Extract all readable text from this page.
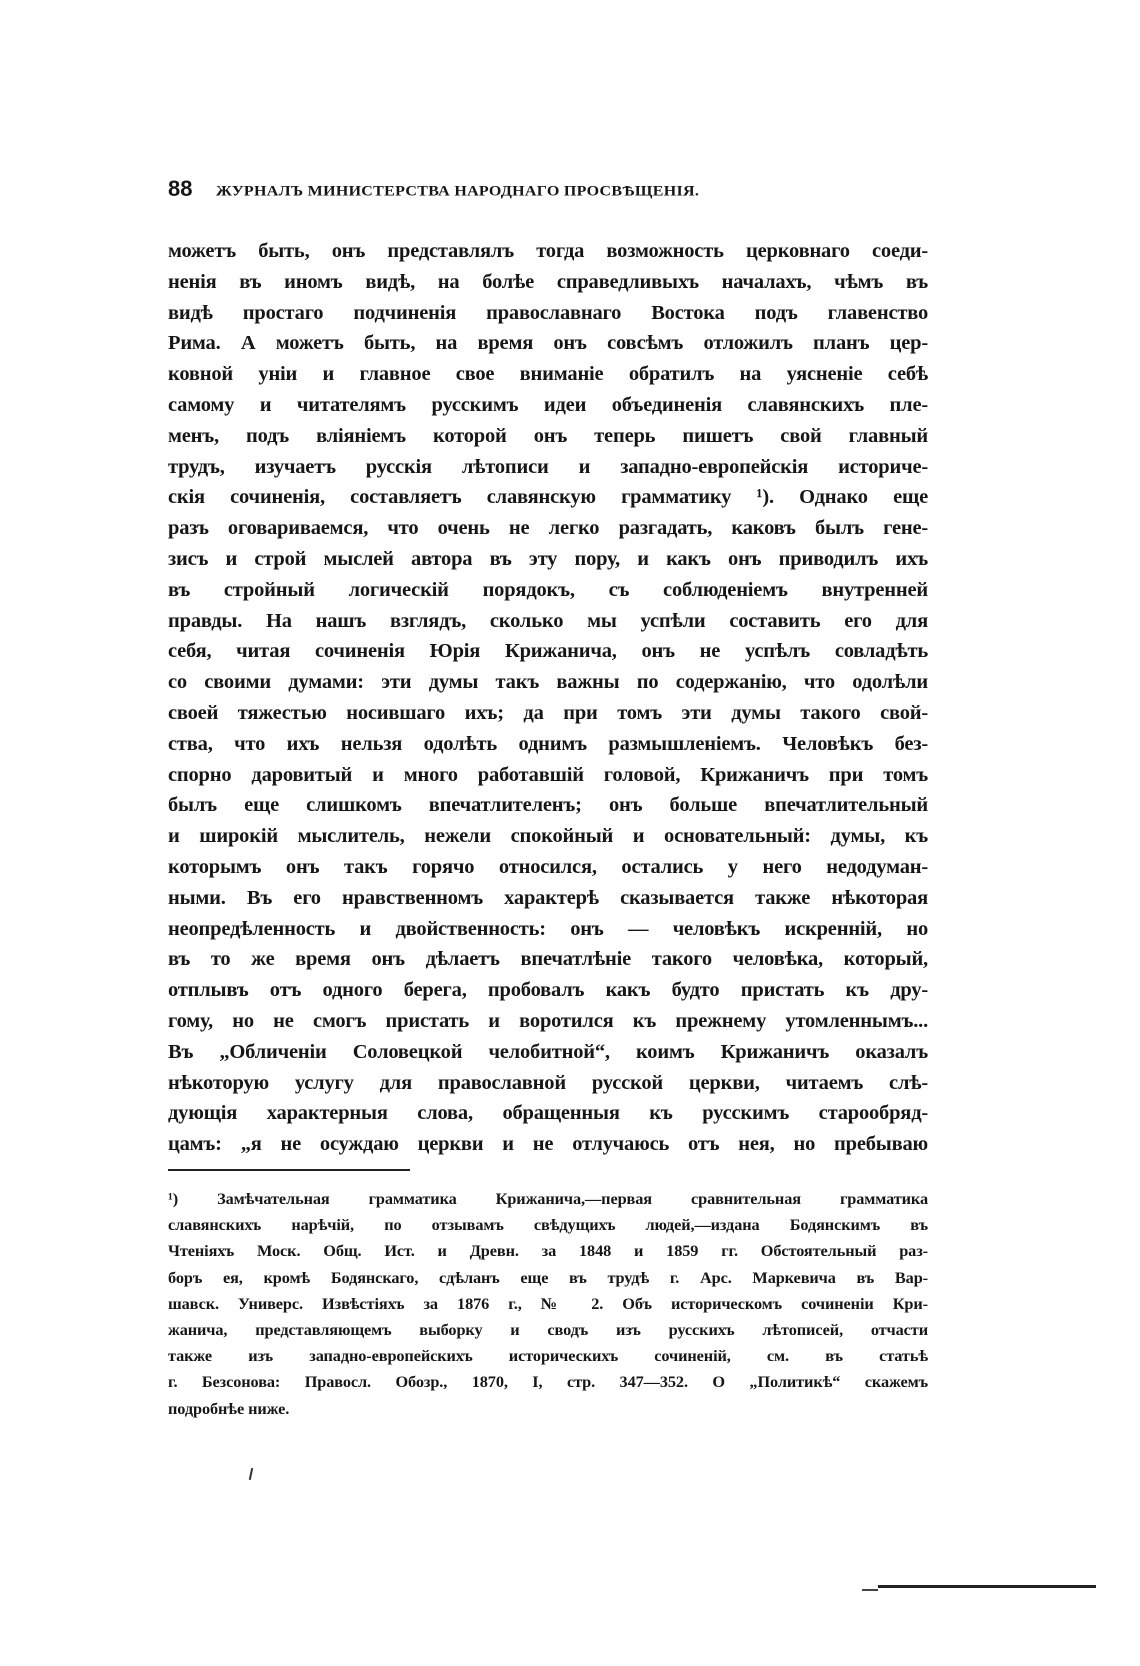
88	ЖУРНАЛЪ МИНИСТЕРСТВА НАРОДНАГО ПРОСВѢЩЕНІЯ.
можетъ быть, онъ представлялъ тогда возможность церковнаго соеди-
ненія въ иномъ видѣ, на болѣе справедливыхъ началахъ, чѣмъ въ
видѣ простаго подчиненія православнаго Востока подъ главенство
Рима. А можетъ быть, на время онъ совсѣмъ отложилъ планъ цер-
ковной уніи и главное свое вниманіе обратилъ на уясненіе себѣ
самому и читателямъ русскимъ идеи объединенія славянскихъ пле-
менъ, подъ вліяніемъ которой онъ теперь пишетъ свой главный
трудъ, изучаетъ русскія лѣтописи и западно-европейскія историче-
скія сочиненія, составляетъ славянскую грамматику ¹). Однако еще
разъ оговариваемся, что очень не легко разгадать, каковъ былъ гене-
зисъ и строй мыслей автора въ эту пору, и какъ онъ приводилъ ихъ
въ стройный логическій порядокъ, съ соблюденіемъ внутренней
правды. На нашъ взглядъ, сколько мы успѣли составить его для
себя, читая сочиненія Юрія Крижанича, онъ не успѣлъ совладѣть
со своими думами: эти думы такъ важны по содержанію, что одолѣли
своей тяжестью носившаго ихъ; да при томъ эти думы такого свой-
ства, что ихъ нельзя одолѣть однимъ размышленіемъ. Человѣкъ без-
спорно даровитый и много работавшій головой, Крижаничъ при томъ
былъ еще слишкомъ впечатлителенъ; онъ больше впечатлительный
и широкій мыслитель, нежели спокойный и основательный: думы, къ
которымъ онъ такъ горячо относился, остались у него недодуман-
ными. Въ его нравственномъ характерѣ сказывается также нѣкоторая
неопредѣленность и двойственность: онъ — человѣкъ искренній, но
въ то же время онъ дѣлаетъ впечатлѣніе такого человѣка, который,
отплывъ отъ одного берега, пробовалъ какъ будто пристать къ дру-
гому, но не смогъ пристать и воротился къ прежнему утомленнымъ...
Въ „Обличеніи Соловецкой челобитной“, коимъ Крижаничъ оказалъ
нѣкоторую услугу для православной русской церкви, читаемъ слѣ-
дующія характерныя слова, обращенныя къ русскимъ старообряд-
цамъ: „я не осуждаю церкви и не отлучаюсь отъ нея, но пребываю
¹) Замѣчательная грамматика Крижанича,—первая сравнительная грамматика
славянскихъ нарѣчій, по отзывамъ свѣдущихъ людей,—издана Бодянскимъ въ
Чтеніяхъ Моск. Общ. Ист. и Древн. за 1848 и 1859 гг. Обстоятельный раз-
боръ ея, кромѣ Бодянскаго, сдѣланъ еще въ трудѣ г. Арс. Маркевича въ Вар-
шавск. Универс. Извѣстіяхъ за 1876 г., № 2. Объ историческомъ сочиненіи Кри-
жанича, представляющемъ выборку и сводъ изъ русскихъ лѣтописей, отчасти
также изъ западно-европейскихъ историческихъ сочиненій, см. въ статьѣ
г. Безсонова: Правосл. Обозр., 1870, I, стр. 347—352. О „Политикѣ“ скажемъ
подробнѣе ниже.
